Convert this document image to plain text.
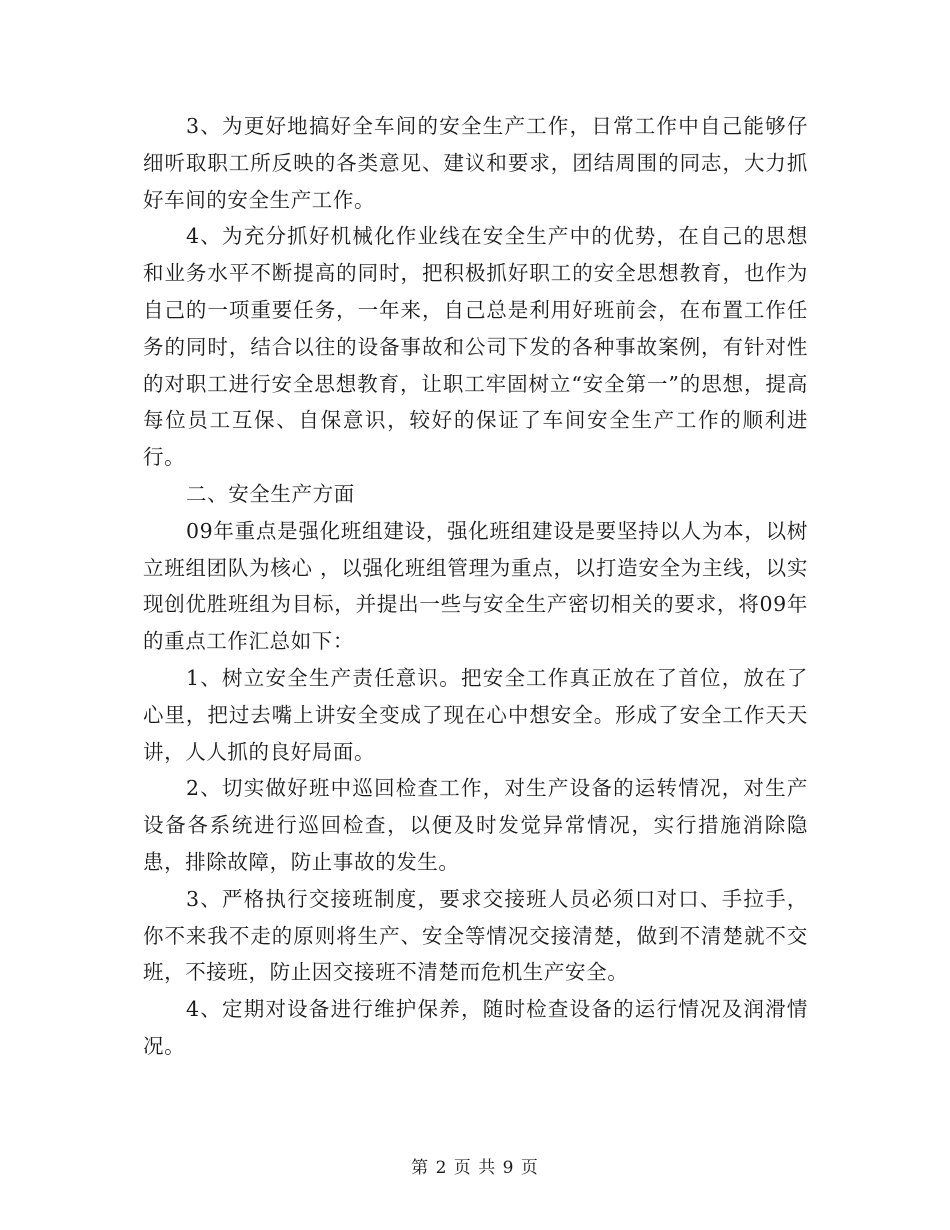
3、为更好地搞好全车间的安全生产工作，日常工作中自己能够仔细听取职工所反映的各类意见、建议和要求，团结周围的同志，大力抓好车间的安全生产工作。

4、为充分抓好机械化作业线在安全生产中的优势，在自己的思想和业务水平不断提高的同时，把积极抓好职工的安全思想教育，也作为自己的一项重要任务，一年来，自己总是利用好班前会，在布置工作任务的同时，结合以往的设备事故和公司下发的各种事故案例，有针对性的对职工进行安全思想教育，让职工牢固树立“安全第一”的思想，提高每位员工互保、自保意识，较好的保证了车间安全生产工作的顺利进行。

二、安全生产方面

09年重点是强化班组建设，强化班组建设是要坚持以人为本，以树立班组团队为核心 ，以强化班组管理为重点，以打造安全为主线，以实现创优胜班组为目标，并提出一些与安全生产密切相关的要求，将09年的重点工作汇总如下：

1、树立安全生产责任意识。把安全工作真正放在了首位，放在了心里，把过去嘴上讲安全变成了现在心中想安全。形成了安全工作天天讲，人人抓的良好局面。

2、切实做好班中巡回检查工作，对生产设备的运转情况，对生产设备各系统进行巡回检查，以便及时发觉异常情况，实行措施消除隐患，排除故障，防止事故的发生。

3、严格执行交接班制度，要求交接班人员必须口对口、手拉手，你不来我不走的原则将生产、安全等情况交接清楚，做到不清楚就不交班，不接班，防止因交接班不清楚而危机生产安全。

4、定期对设备进行维护保养，随时检查设备的运行情况及润滑情况。

第 2 页 共 9 页
